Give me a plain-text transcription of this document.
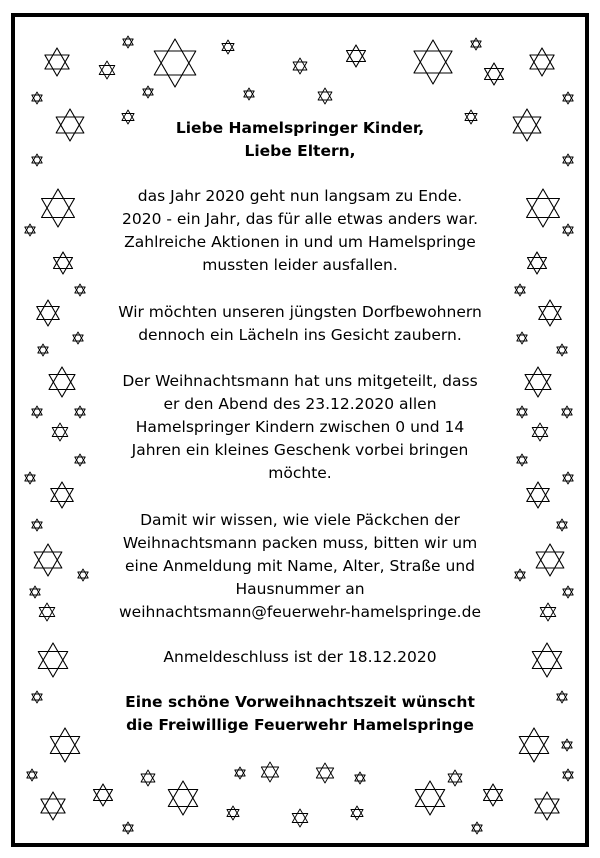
Liebe Hamelspringer Kinder,

Liebe Eltern,

das Jahr 2020 geht nun langsam zu Ende.

2020 - ein Jahr, das für alle etwas anders war.

Zahlreiche Aktionen in und um Hamelspringe

mussten leider ausfallen.

Wir möchten unseren jüngsten Dorfbewohnern

dennoch ein Lächeln ins Gesicht zaubern.

Der Weihnachtsmann hat uns mitgeteilt, dass

er den Abend des 23.12.2020 allen

Hamelspringer Kindern zwischen 0 und 14

Jahren ein kleines Geschenk vorbei bringen

möchte.

Damit wir wissen, wie viele Päckchen der

Weihnachtsmann packen muss, bitten wir um

eine Anmeldung mit Name, Alter, Straße und

Hausnummer an

weihnachtsmann@feuerwehr-hamelspringe.de

Anmeldeschluss ist der 18.12.2020

Eine schöne Vorweihnachtszeit wünscht

die Freiwillige Feuerwehr Hamelspringe
